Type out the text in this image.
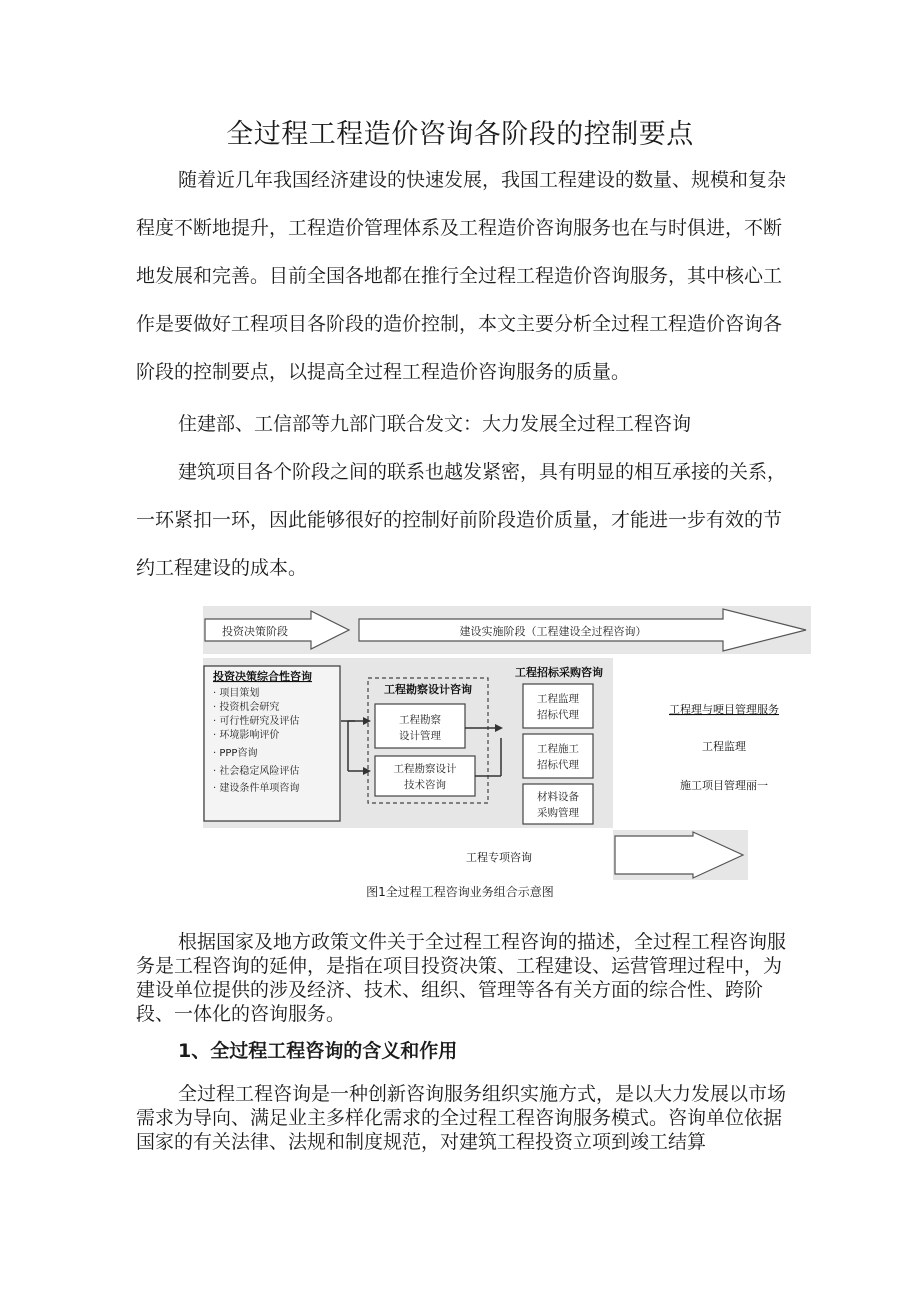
全过程工程造价咨询各阶段的控制要点

随着近几年我国经济建设的快速发展，我国工程建设的数量、规模和复杂程度不断地提升，工程造价管理体系及工程造价咨询服务也在与时俱进，不断地发展和完善。目前全国各地都在推行全过程工程造价咨询服务，其中核心工作是要做好工程项目各阶段的造价控制，本文主要分析全过程工程造价咨询各阶段的控制要点，以提高全过程工程造价咨询服务的质量。

住建部、工信部等九部门联合发文：大力发展全过程工程咨询

建筑项目各个阶段之间的联系也越发紧密，具有明显的相互承接的关系，一环紧扣一环，因此能够很好的控制好前阶段造价质量，才能进一步有效的节约工程建设的成本。

投资决策阶段	建设实施阶段（工程建设全过程咨询）
投资决策综合性咨询
· 项目策划
· 投资机会研究
· 可行性研究及评估
· 环境影响评价
· PPP咨询
· 社会稳定风险评估
· 建设条件单项咨询
工程勘察设计咨询
工程勘察
设计管理
工程勘察设计
技术咨询
工程招标采购咨询
工程监理
招标代理
工程施工
招标代理
材料设备
采购管理
工程理与哽目管理服务
工程监理
施工项目管理丽一
工程专项咨询
图1全过程工程咨询业务组合示意图

根据国家及地方政策文件关于全过程工程咨询的描述，全过程工程咨询服务是工程咨询的延伸，是指在项目投资决策、工程建设、运营管理过程中，为建设单位提供的涉及经济、技术、组织、管理等各有关方面的综合性、跨阶段、一体化的咨询服务。

1、全过程工程咨询的含义和作用

全过程工程咨询是一种创新咨询服务组织实施方式，是以大力发展以市场需求为导向、满足业主多样化需求的全过程工程咨询服务模式。咨询单位依据国家的有关法律、法规和制度规范，对建筑工程投资立项到竣工结算
